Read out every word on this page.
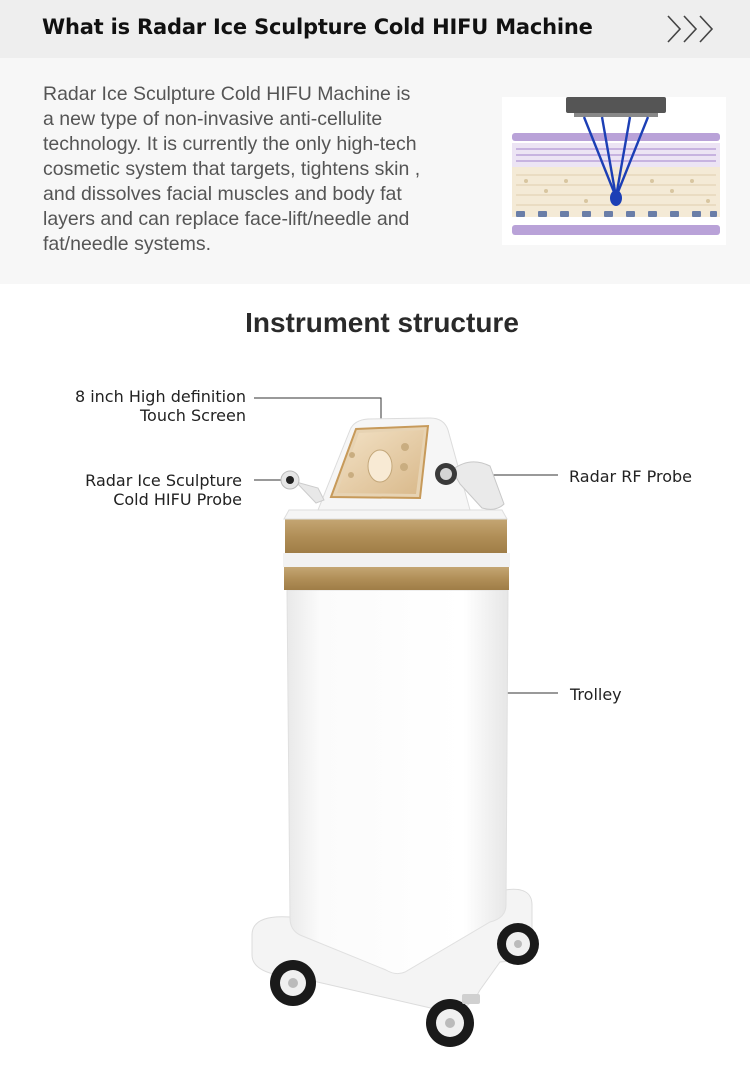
What is Radar Ice Sculpture Cold HIFU Machine
Radar Ice Sculpture Cold HIFU Machine is
a new type of non-invasive anti-cellulite
technology. It is currently the only high-tech
cosmetic system that targets, tightens skin ,
and dissolves facial muscles and body fat
layers and can replace face-lift/needle and
fat/needle systems.
Instrument structure
8 inch High definition
Touch Screen
Radar Ice Sculpture
Cold HIFU Probe
Radar RF Probe
Trolley
